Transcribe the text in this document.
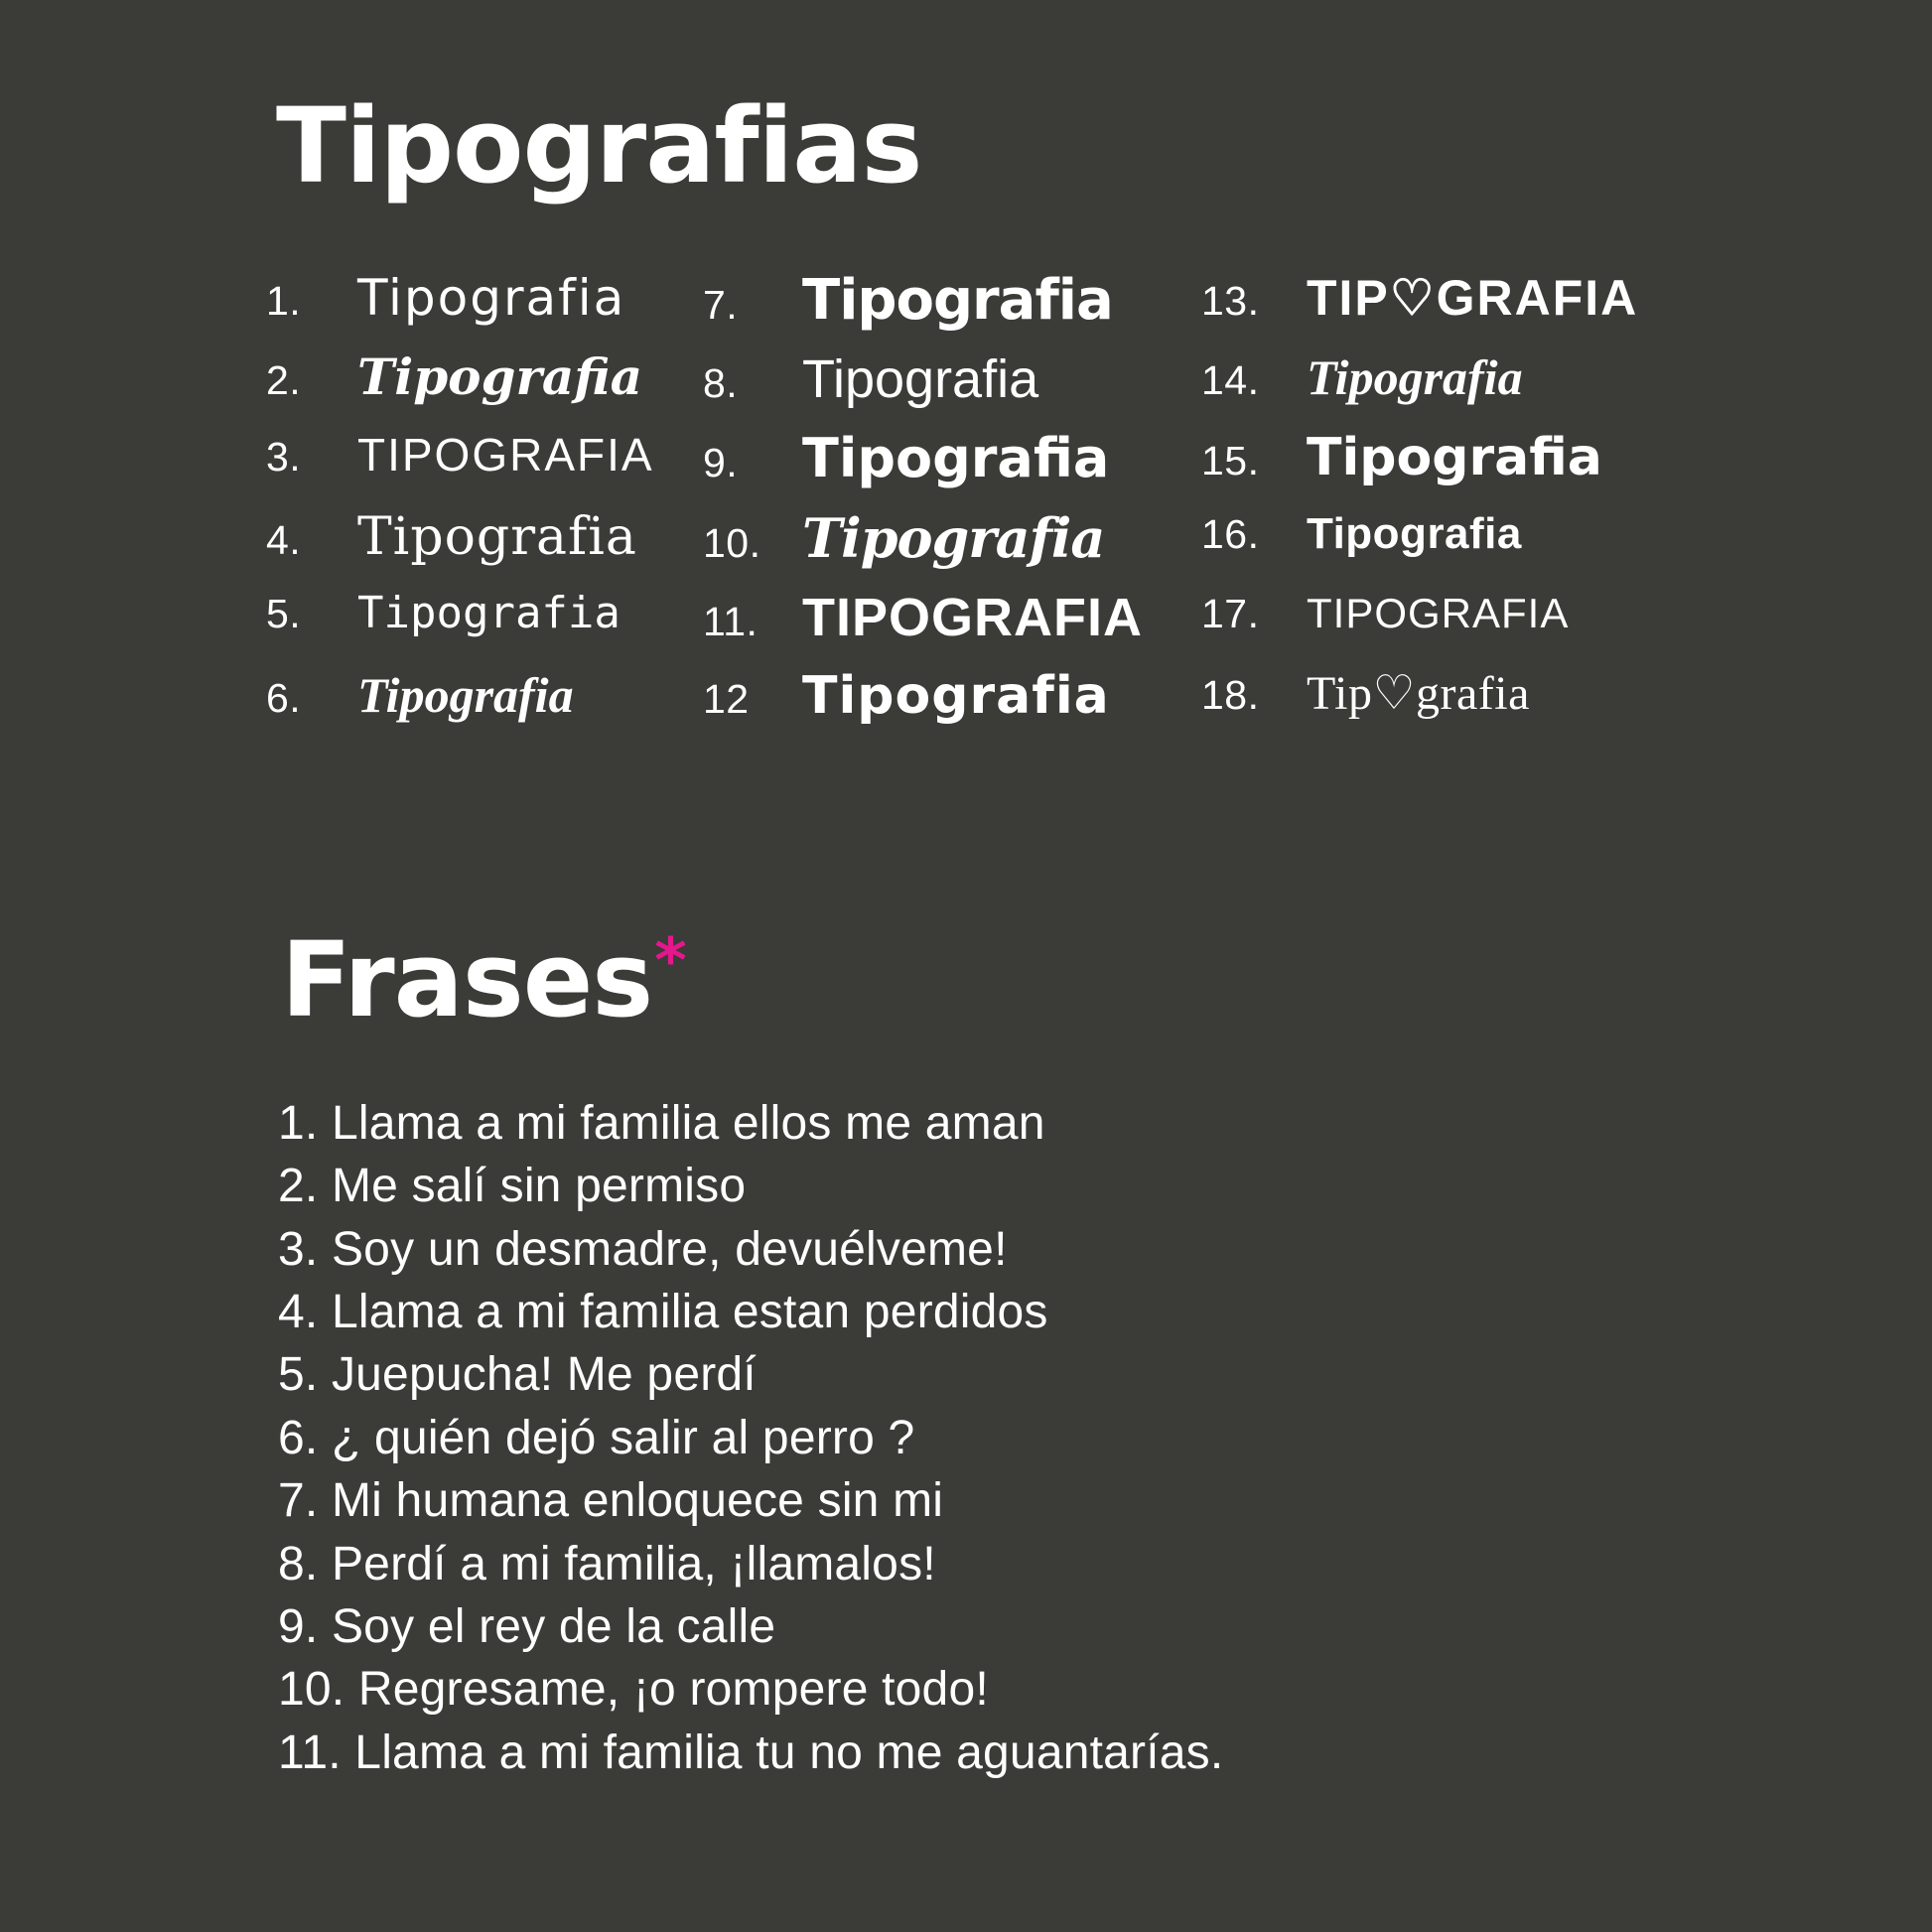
Tipografias
1.	Tipografia
2.	Tipografia
3.	TIPOGRAFIA
4.	Tipografia
5.	Tipografia
6.	Tipografia
7.	Tipografia
8.	Tipografia
9.	Tipografia
10. Tipografia
11. TIPOGRAFIA
12	Tipografia
13. TIP♡GRAFIA
14. Tipografia
15. Tipografia
16.	Tipografia
17.	TIPOGRAFIA
18. Tip♡grafia
Frases *
1. Llama a mi familia ellos me aman
2. Me salí sin permiso
3. Soy un desmadre, devuélveme!
4. Llama a mi familia estan perdidos
5. Juepucha! Me perdí
6. ¿ quién dejó salir al perro ?
7. Mi humana enloquece sin mi
8. Perdí a mi familia, ¡llamalos!
9. Soy el rey de la calle
10. Regresame, ¡o rompere todo!
11. Llama a mi familia tu no me aguantarías.
